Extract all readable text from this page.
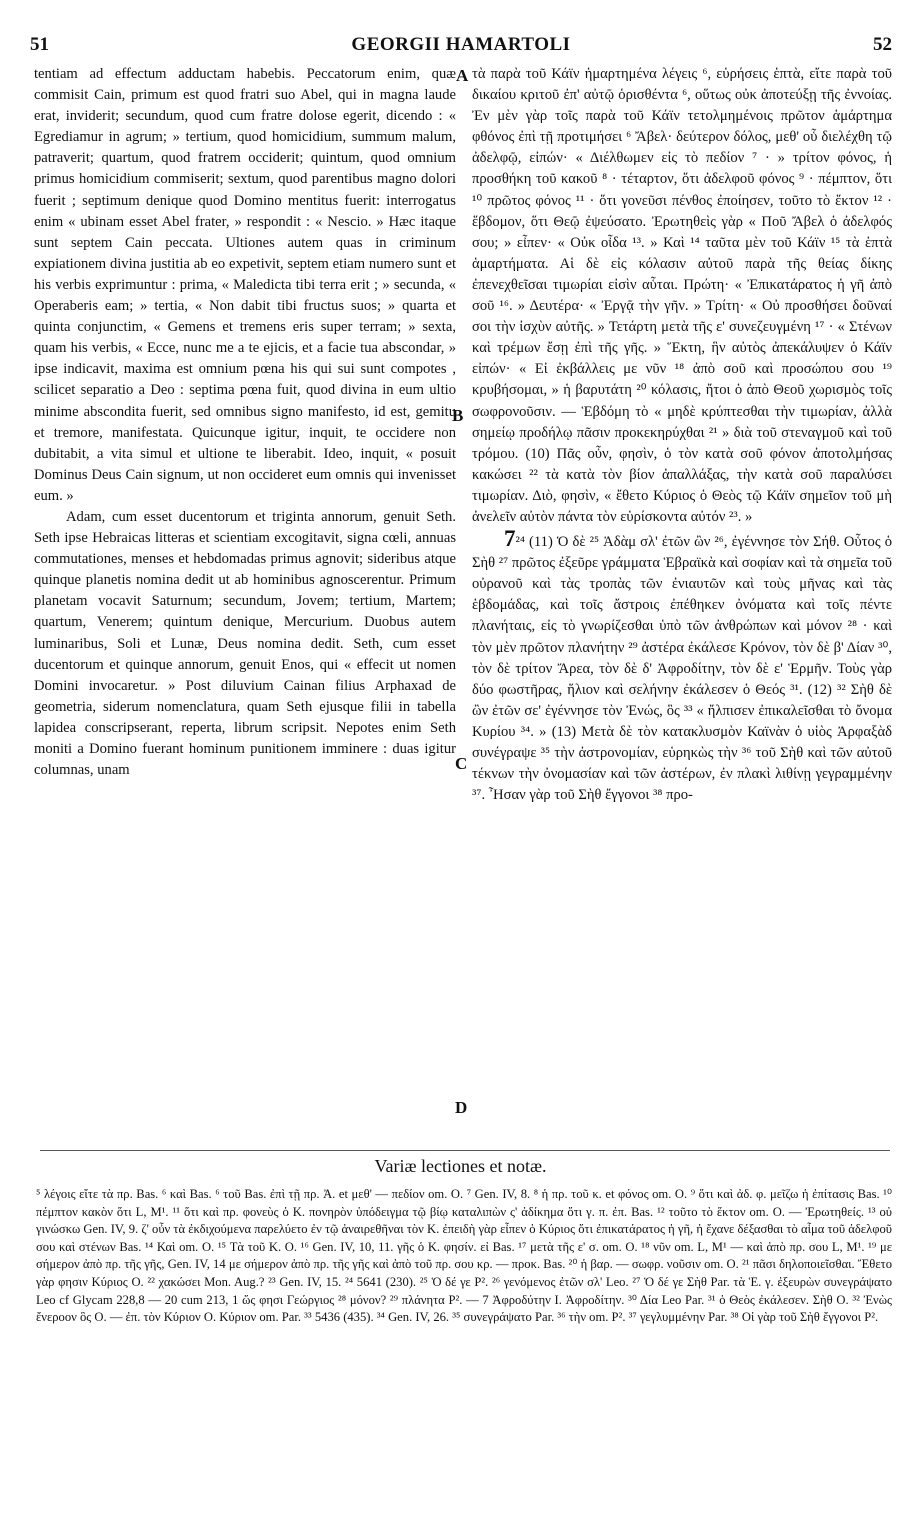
51	GEORGII HAMARTOLI	52

tentiam ad effectum adductam habebis. Peccatorum enim, quæ commisit Cain, primum est quod fratri suo Abel, qui in magna laude erat, inviderit; secundum, quod cum fratre dolose egerit, dicendo : « Egrediamur in agrum; » tertium, quod homicidium, summum malum, patraverit; quartum, quod fratrem occiderit; quintum, quod omnium primus homicidium commiserit; sextum, quod parentibus magno dolori fuerit ; septimum denique quod Domino mentitus fuerit: interrogatus enim « ubinam esset Abel frater, » respondit : « Nescio. » Hæc itaque sunt septem Cain peccata. Ultiones autem quas in criminum expiationem divina justitia ab eo expetivit, septem etiam numero sunt et his verbis exprimuntur : prima, « Maledicta tibi terra erit ; » secunda, « Operaberis eam; » tertia, « Non dabit tibi fructus suos; » quarta et quinta conjunctim, « Gemens et tremens eris super terram; » sexta, quam his verbis, « Ecce, nunc me a te ejicis, et a facie tua abscondar, » ipse indicavit, maxima est omnium pœna his qui sui sunt compotes , scilicet separatio a Deo : septima pœna fuit, quod divina in eum ultio minime abscondita fuerit, sed omnibus signo manifesto, id est, gemitu et tremore, manifestata. Quicunque igitur, inquit, te occidere non dubitabit, a vita simul et ultione te liberabit. Ideo, inquit, « posuit Dominus Deus Cain signum, ut non occideret eum omnis qui invenisset eum. »

Adam, cum esset ducentorum et triginta annorum, genuit Seth. Seth ipse Hebraicas litteras et scientiam excogitavit, signa cœli, annuas commutationes, menses et hebdomadas primus agnovit; sideribus atque quinque planetis nomina dedit ut ab hominibus agnoscerentur. Primum planetam vocavit Saturnum; secundum, Jovem; tertium, Martem; quartum, Venerem; quintum denique, Mercurium. Duobus autem luminaribus, Soli et Lunæ, Deus nomina dedit. Seth, cum esset ducentorum et quinque annorum, genuit Enos, qui « effecit ut nomen Domini invocaretur. » Post diluvium Cainan filius Arphaxad de geometria, siderum nomenclatura, quam Seth ejusque filii in tabella lapidea conscripserant, reperta, librum scripsit. Nepotes enim Seth moniti a Domino fuerant hominum punitionem imminere : duas igitur columnas, unam

A
B
C
D

τὰ παρὰ τοῦ Κάϊν ἡμαρτημένα λέγεις ⁶, εὑρήσεις ἑπτὰ, εἴτε παρὰ τοῦ δικαίου κριτοῦ ἐπ' αὐτῷ ὁρισθέντα ⁶, οὕτως οὐκ ἀποτεύξῃ τῆς ἐννοίας. Ἐν μὲν γὰρ τοῖς παρὰ τοῦ Κάϊν τετολμημένοις πρῶτον ἁμάρτημα φθόνος ἐπὶ τῇ προτιμήσει ⁶ Ἄβελ· δεύτερον δόλος, μεθ' οὗ διελέχθη τῷ ἀδελφῷ, εἰπών· « Διέλθωμεν εἰς τὸ πεδίον ⁷ · » τρίτον φόνος, ἡ προσθήκη τοῦ κακοῦ ⁸ · τέταρτον, ὅτι ἀδελφοῦ φόνος ⁹ · πέμπτον, ὅτι ¹⁰ πρῶτος φόνος ¹¹ · ὅτι γονεῦσι πένθος ἐποίησεν, τοῦτο τὸ ἕκτον ¹² · ἕβδομον, ὅτι Θεῷ ἐψεύσατο. Ἐρωτηθεὶς γὰρ « Ποῦ Ἄβελ ὁ ἀδελφός σου; » εἶπεν· « Οὐκ οἶδα ¹³. » Καὶ ¹⁴ ταῦτα μὲν τοῦ Κάϊν ¹⁵ τὰ ἑπτὰ ἁμαρτήματα. Αἱ δὲ εἰς κόλασιν αὐτοῦ παρὰ τῆς θείας δίκης ἐπενεχθεῖσαι τιμωρίαι εἰσὶν αὗται. Πρώτη· « Ἐπικατάρατος ἡ γῆ ἀπὸ σοῦ ¹⁶. » Δευτέρα· « Ἐργᾷ τὴν γῆν. » Τρίτη· « Οὐ προσθήσει δοῦναί σοι τὴν ἰσχὺν αὐτῆς. » Τετάρτη μετὰ τῆς ε' συνεζευγμένη ¹⁷ · « Στένων καὶ τρέμων ἔσῃ ἐπὶ τῆς γῆς. » Ἕκτη, ἣν αὐτὸς ἀπεκάλυψεν ὁ Κάϊν εἰπών· « Εἰ ἐκβάλλεις με νῦν ¹⁸ ἀπὸ σοῦ καὶ προσώπου σου ¹⁹ κρυβήσομαι, » ἡ βαρυτάτη ²⁰ κόλασις, ἤτοι ὁ ἀπὸ Θεοῦ χωρισμὸς τοῖς σωφρονοῦσιν. — Ἑβδόμη τὸ « μηδὲ κρύπτεσθαι τὴν τιμωρίαν, ἀλλὰ σημείῳ προδήλῳ πᾶσιν προκεκηρύχθαι ²¹ » διὰ τοῦ στεναγμοῦ καὶ τοῦ τρόμου. (10) Πᾶς οὖν, φησὶν, ὁ τὸν κατὰ σοῦ φόνον ἀποτολμήσας κακώσει ²² τὰ κατὰ τὸν βίον ἀπαλλάξας, τὴν κατὰ σοῦ παραλύσει τιμωρίαν. Διὸ, φησὶν, « ἔθετο Κύριος ὁ Θεὸς τῷ Κάϊν σημεῖον τοῦ μὴ ἀνελεῖν αὐτὸν πάντα τὸν εὑρίσκοντα αὐτόν ²³. »

7²⁴ (11) Ὁ δὲ ²⁵ Ἀδὰμ σλ' ἐτῶν ὢν ²⁶, ἐγέννησε τὸν Σήθ. Οὗτος ὁ Σὴθ ²⁷ πρῶτος ἐξεῦρε γράμματα Ἑβραϊκὰ καὶ σοφίαν καὶ τὰ σημεῖα τοῦ οὐρανοῦ καὶ τὰς τροπὰς τῶν ἐνιαυτῶν καὶ τοὺς μῆνας καὶ τὰς ἑβδομάδας, καὶ τοῖς ἄστροις ἐπέθηκεν ὀνόματα καὶ τοῖς πέντε πλανήταις, εἰς τὸ γνωρίζεσθαι ὑπὸ τῶν ἀνθρώπων καὶ μόνον ²⁸ · καὶ τὸν μὲν πρῶτον πλανήτην ²⁹ ἀστέρα ἐκάλεσε Κρόνον, τὸν δὲ β' Δίαν ³⁰, τὸν δὲ τρίτον Ἄρεα, τὸν δὲ δ' Ἀφροδίτην, τὸν δὲ ε' Ἑρμῆν. Τοὺς γὰρ δύο φωστῆρας, ἥλιον καὶ σελήνην ἐκάλεσεν ὁ Θεός ³¹. (12) ³² Σὴθ δὲ ὢν ἐτῶν σε' ἐγέννησε τὸν Ἐνώς, ὃς ³³ « ἤλπισεν ἐπικαλεῖσθαι τὸ ὄνομα Κυρίου ³⁴. » (13) Μετὰ δὲ τὸν κατακλυσμὸν Καϊνὰν ὁ υἱὸς Ἀρφαξὰδ συνέγραψε ³⁵ τὴν ἀστρονομίαν, εὑρηκὼς τὴν ³⁶ τοῦ Σὴθ καὶ τῶν αὐτοῦ τέκνων τὴν ὀνομασίαν καὶ τῶν ἀστέρων, ἐν πλακὶ λιθίνῃ γεγραμμένην ³⁷. Ἦσαν γὰρ τοῦ Σὴθ ἔγγονοι ³⁸ προ-

Variæ lectiones et notæ.

⁵ λέγοις εἴτε τὰ πρ. Bas. ⁶ καὶ Bas. ⁶ τοῦ Bas. ἐπὶ τῇ πρ. Ἀ. et μεθ' — πεδίον om. O. ⁷ Gen. IV, 8. ⁸ ἡ πρ. τοῦ κ. et φόνος om. O. ⁹ ὅτι καὶ ἀδ. φ. μεῖζω ἡ ἐπίτασις Bas. ¹⁰ πέμπτον κακὸν ὅτι L, M¹. ¹¹ ὅτι καὶ πρ. φονεὺς ὁ Κ. πονηρὸν ὑπόδειγμα τῷ βίῳ καταλιπὼν ς' ἀδίκημα ὅτι γ. π. ἐπ. Bas. ¹² τοῦτο τὸ ἕκτον om. O. — Ἐρωτηθείς. ¹³ οὐ γινώσκω Gen. IV, 9. ζ' οὖν τὰ ἐκδιχούμενα παρελύετο ἐν τῷ ἀναιρεθῆναι τὸν Κ. ἐπειδὴ γὰρ εἶπεν ὁ Κύριος ὅτι ἐπικατάρατος ἡ γῆ, ἡ ἔχανε δέξασθαι τὸ αἷμα τοῦ ἀδελφοῦ σου καὶ στένων Bas. ¹⁴ Καὶ om. O. ¹⁵ Τὰ τοῦ Κ. O. ¹⁶ Gen. IV, 10, 11. γῆς ὁ Κ. φησίν. εἰ Bas. ¹⁷ μετὰ τῆς ε' σ. om. O. ¹⁸ νῦν om. L, M¹ — καὶ ἀπὸ πρ. σου L, M¹. ¹⁹ με σήμερον ἀπὸ πρ. τῆς γῆς, Gen. IV, 14 με σήμερον ἀπὸ πρ. τῆς γῆς καὶ ἀπὸ τοῦ πρ. σου κρ. — προκ. Bas. ²⁰ ἡ βαρ. — σωφρ. νοῦσιν om. O. ²¹ πᾶσι δηλοποιεῖσθαι. Ἔθετο γὰρ φησιν Κύριος O. ²² χακώσει Mon. Aug.? ²³ Gen. IV, 15. ²⁴ 5641 (230). ²⁵ Ὁ δέ γε P². ²⁶ γενόμενος ἐτῶν σλ' Leo. ²⁷ Ὁ δέ γε Σὴθ Par. τὰ Ἑ. γ. ἐξευρὼν συνεγράψατο Leo cf Glycam 228,8 — 20 cum 213, 1 ὥς φησι Γεώργιος ²⁸ μόνον? ²⁹ πλάνητα P². — 7 Ἀφροδύτην I. Ἀφροδίτην. ³⁰ Δία Leo Par. ³¹ ὁ Θεὸς ἐκάλεσεν. Σὴθ O. ³² Ἐνὼς ἔνεροον ὃς O. — ἐπ. τὸν Κύριον O. Κύριον om. Par. ³³ 5436 (435). ³⁴ Gen. IV, 26. ³⁵ συνεγράψατο Par. ³⁶ τὴν om. P². ³⁷ γεγλυμμένην Par. ³⁸ Οἱ γὰρ τοῦ Σὴθ ἔγγονοι P².
